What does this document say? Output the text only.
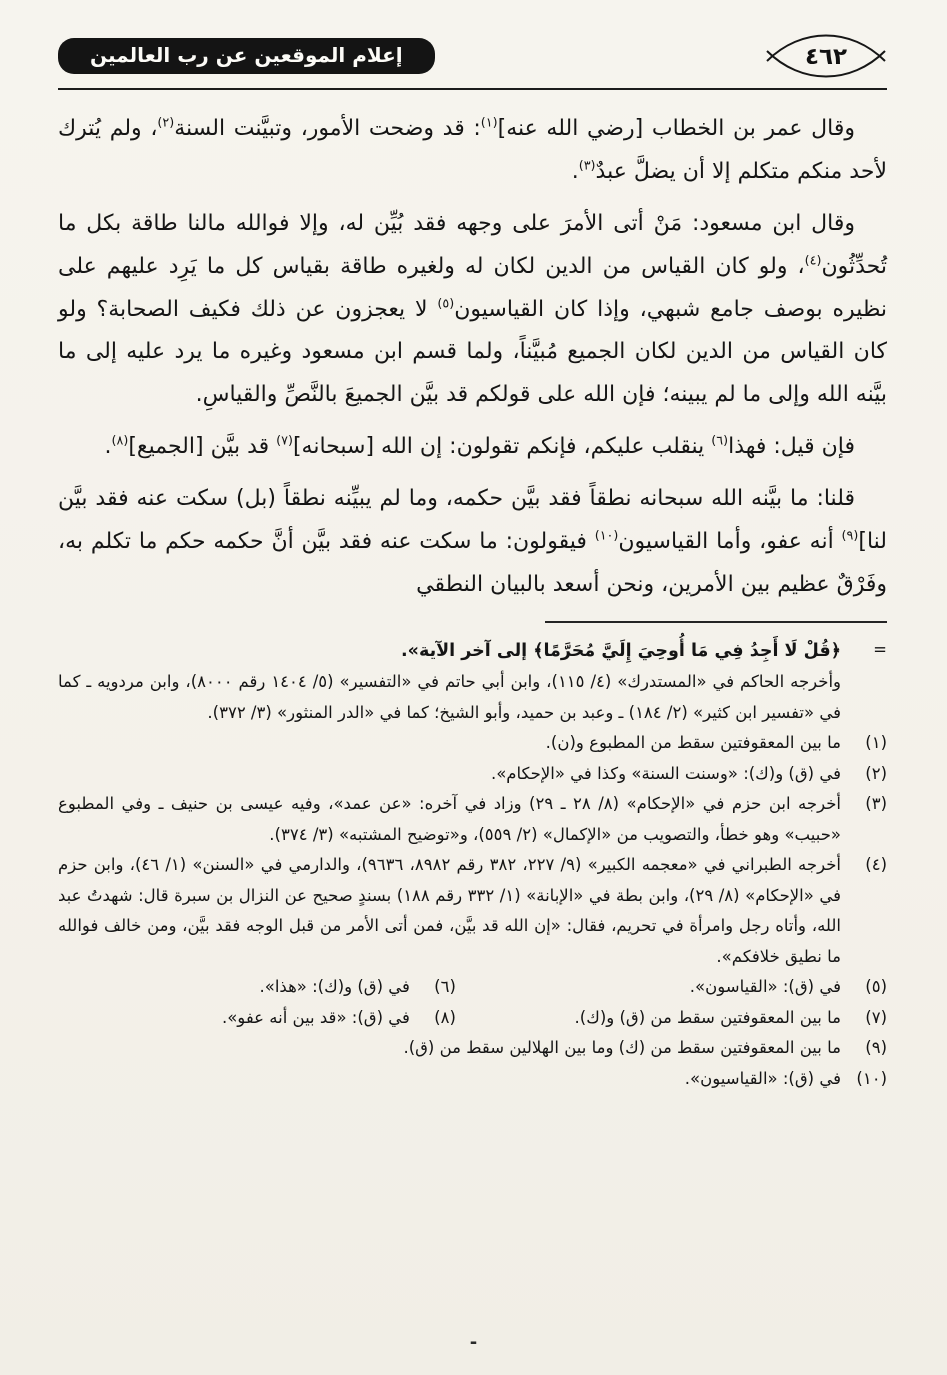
٤٦٢
إعلام الموقعين عن رب العالمين

وقال عمر بن الخطاب [رضي الله عنه]$^{(١)}$: قد وضحت الأمور، وتبيَّنت السنة$^{(٢)}$، ولم يُترك لأحد منكم متكلم إلا أن يضلَّ عبدٌ$^{(٣)}$.

وقال ابن مسعود: مَنْ أتى الأمرَ على وجهه فقد بُيِّن له، وإلا فوالله مالنا طاقة بكل ما تُحدِّثُون$^{(٤)}$، ولو كان القياس من الدين لكان له ولغيره طاقة بقياس كل ما يَرِد عليهم على نظيره بوصف جامع شبهي، وإذا كان القياسيون$^{(٥)}$ لا يعجزون عن ذلك فكيف الصحابة؟ ولو كان القياس من الدين لكان الجميع مُبيَّناً، ولما قسم ابن مسعود وغيره ما يرد عليه إلى ما بيَّنه الله وإلى ما لم يبينه؛ فإن الله على قولكم قد بيَّن الجميعَ بالنَّصِّ والقياسِ.

فإن قيل: فهذا$^{(٦)}$ ينقلب عليكم، فإنكم تقولون: إن الله [سبحانه]$^{(٧)}$ قد بيَّن [الجميع]$^{(٨)}$.

قلنا: ما بيَّنه الله سبحانه نطقاً فقد بيَّن حكمه، وما لم يبيِّنه نطقاً (بل) سكت عنه فقد بيَّن لنا]$^{(٩)}$ أنه عفو، وأما القياسيون$^{(١٠)}$ فيقولون: ما سكت عنه فقد بيَّن أنَّ حكمه حكم ما تكلم به، وفَرْقٌ عظيم بين الأمرين، ونحن أسعد بالبيان النطقي

=
﴿قُلْ لَا أَجِدُ فِي مَا أُوحِيَ إِلَيَّ مُحَرَّمًا﴾ إلى آخر الآية».
وأخرجه الحاكم في «المستدرك» (٤/ ١١٥)، وابن أبي حاتم في «التفسير» (٥/ ١٤٠٤ رقم ٨٠٠٠)، وابن مردويه ـ كما في «تفسير ابن كثير» (٢/ ١٨٤) ـ وعبد بن حميد، وأبو الشيخ؛ كما في «الدر المنثور» (٣/ ٣٧٢).
(١)
ما بين المعقوفتين سقط من المطبوع و(ن).
(٢)
في (ق) و(ك): «وسنت السنة» وكذا في «الإحكام».
(٣)
أخرجه ابن حزم في «الإحكام» (٨/ ٢٨ ـ ٢٩) وزاد في آخره: «عن عمد»، وفيه عيسى بن حنيف ـ وفي المطبوع «حبيب» وهو خطأ، والتصويب من «الإكمال» (٢/ ٥٥٩)، و«توضيح المشتبه» (٣/ ٣٧٤).
(٤)
أخرجه الطبراني في «معجمه الكبير» (٩/ ٢٢٧، ٣٨٢ رقم ٨٩٨٢، ٩٦٣٦)، والدارمي في «السنن» (١/ ٤٦)، وابن حزم في «الإحكام» (٨/ ٢٩)، وابن بطة في «الإبانة» (١/ ٣٣٢ رقم ١٨٨) بسندٍ صحيح عن النزال بن سبرة قال: شهدتُ عبد الله، وأتاه رجل وامرأة في تحريم، فقال: «إن الله قد بيَّن، فمن أتى الأمر من قبل الوجه فقد بيَّن، ومن خالف فوالله ما نطيق خلافكم».
(٥)
في (ق): «القياسون».
(٦)
في (ق) و(ك): «هذا».
(٧)
ما بين المعقوفتين سقط من (ق) و(ك).
(٨)
في (ق): «قد بين أنه عفو».
(٩)
ما بين المعقوفتين سقط من (ك) وما بين الهلالين سقط من (ق).
(١٠)
في (ق): «القياسيون».
-
